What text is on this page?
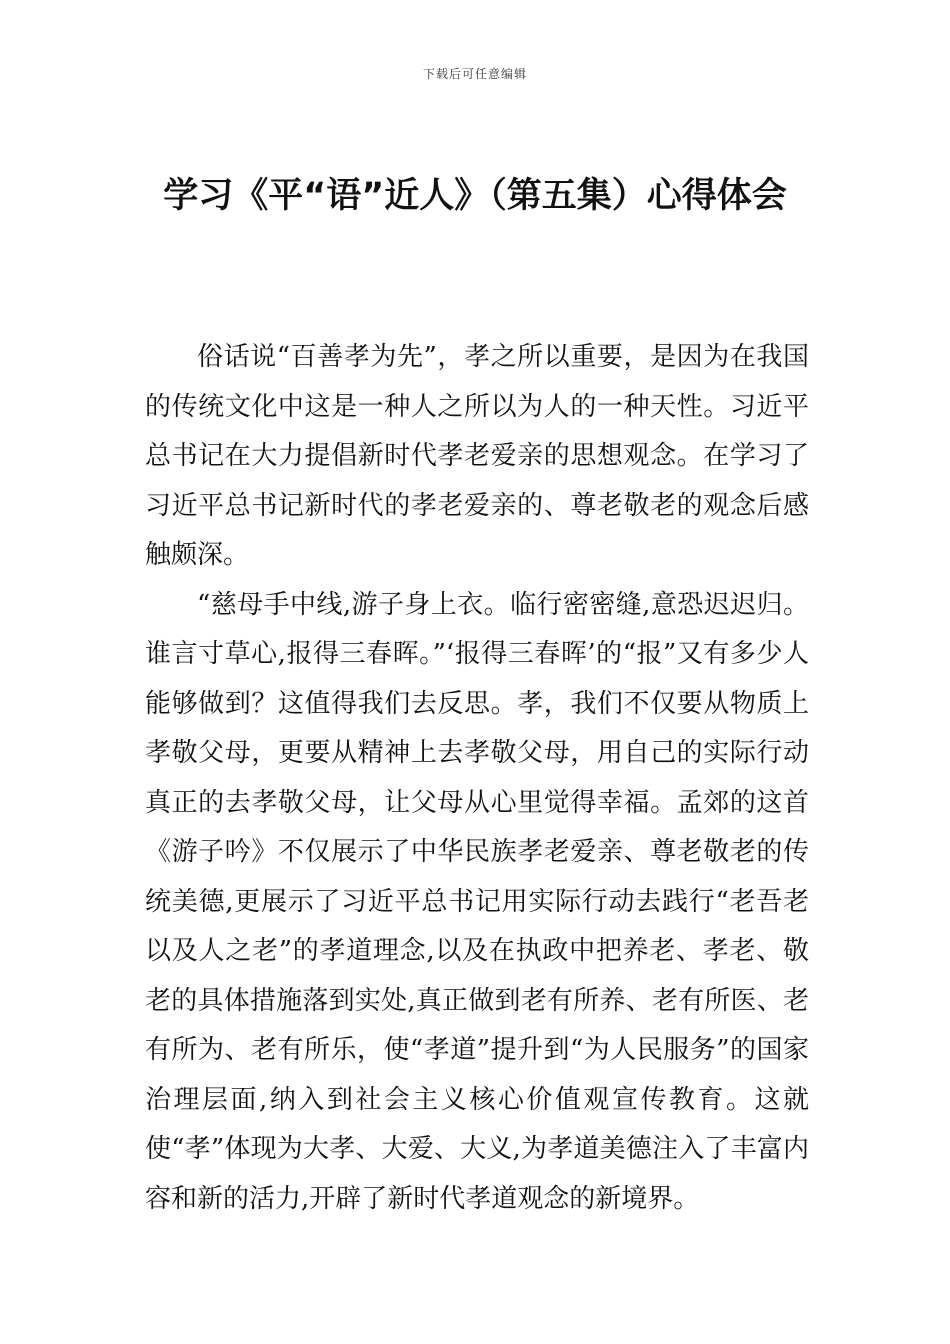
下载后可任意编辑
学习《平“语”近人》（第五集）心得体会

俗话说“百善孝为先”，孝之所以重要，是因为在我国的传统文化中这是一种人之所以为人的一种天性。习近平总书记在大力提倡新时代孝老爱亲的思想观念。在学习了习近平总书记新时代的孝老爱亲的、尊老敬老的观念后感触颇深。

“慈母手中线,游子身上衣。临行密密缝,意恐迟迟归。谁言寸草心,报得三春晖。”‘报得三春晖’的“报”又有多少人能够做到？这值得我们去反思。孝，我们不仅要从物质上孝敬父母，更要从精神上去孝敬父母，用自己的实际行动真正的去孝敬父母，让父母从心里觉得幸福。孟郊的这首《游子吟》不仅展示了中华民族孝老爱亲、尊老敬老的传统美德,更展示了习近平总书记用实际行动去践行“老吾老以及人之老”的孝道理念,以及在执政中把养老、孝老、敬老的具体措施落到实处,真正做到老有所养、老有所医、老有所为、老有所乐，使“孝道”提升到“为人民服务”的国家治理层面,纳入到社会主义核心价值观宣传教育。这就使“孝”体现为大孝、大爱、大义,为孝道美德注入了丰富内容和新的活力,开辟了新时代孝道观念的新境界。
